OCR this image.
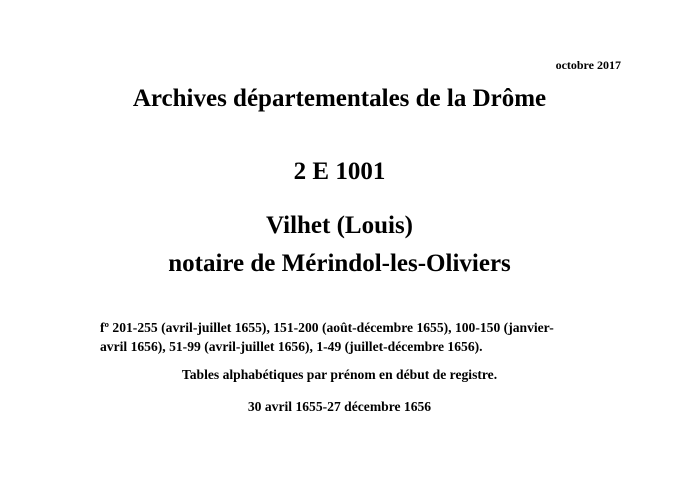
octobre 2017
Archives départementales de la Drôme
2 E 1001
Vilhet (Louis)
notaire de Mérindol-les-Oliviers
fº 201-255 (avril-juillet 1655), 151-200 (août-décembre 1655), 100-150 (janvier-
avril 1656), 51-99 (avril-juillet 1656), 1-49 (juillet-décembre 1656).
Tables alphabétiques par prénom en début de registre.
30 avril 1655-27 décembre 1656
